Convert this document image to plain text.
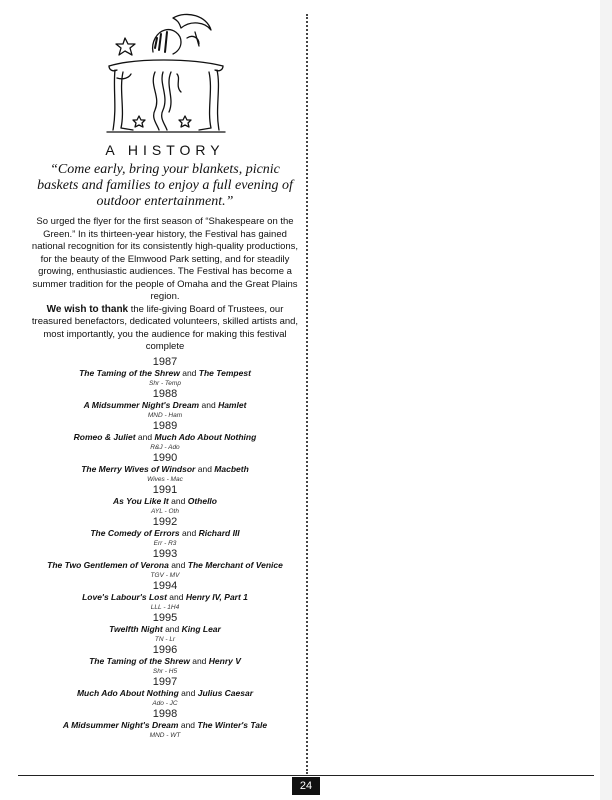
A HISTORY
“Come early, bring your blankets, picnic baskets and families to enjoy a full evening of outdoor entertainment.”

So urged the flyer for the first season of “Shakespeare on the Green.” In its thirteen-year history, the Festival has gained national recognition for its consistently high-quality productions, for the beauty of the Elmwood Park setting, and for steadily growing, enthusiastic audiences. The Festival has become a summer tradition for the people of Omaha and the Great Plains region.

We wish to thank the life-giving Board of Trustees, our treasured benefactors, dedicated volunteers, skilled artists and, most importantly, you the audience for making this festival complete

1987
The Taming of the Shrew and The Tempest
Shr - Temp
1988
A Midsummer Night's Dream and Hamlet
MND - Ham
1989
Romeo & Juliet and Much Ado About Nothing
R&J - Ado
1990
The Merry Wives of Windsor and Macbeth
Wives - Mac
1991
As You Like It and Othello
AYL - Oth
1992
The Comedy of Errors and Richard III
Err - R3
1993
The Two Gentlemen of Verona and The Merchant of Venice
TGV - MV
1994
Love's Labour's Lost and Henry IV, Part 1
LLL - 1H4
1995
Twelfth Night and King Lear
TN - Lr
1996
The Taming of the Shrew and Henry V
Shr - H5
1997
Much Ado About Nothing and Julius Caesar
Ado - JC
1998
A Midsummer Night's Dream and The Winter's Tale
MND - WT
24
